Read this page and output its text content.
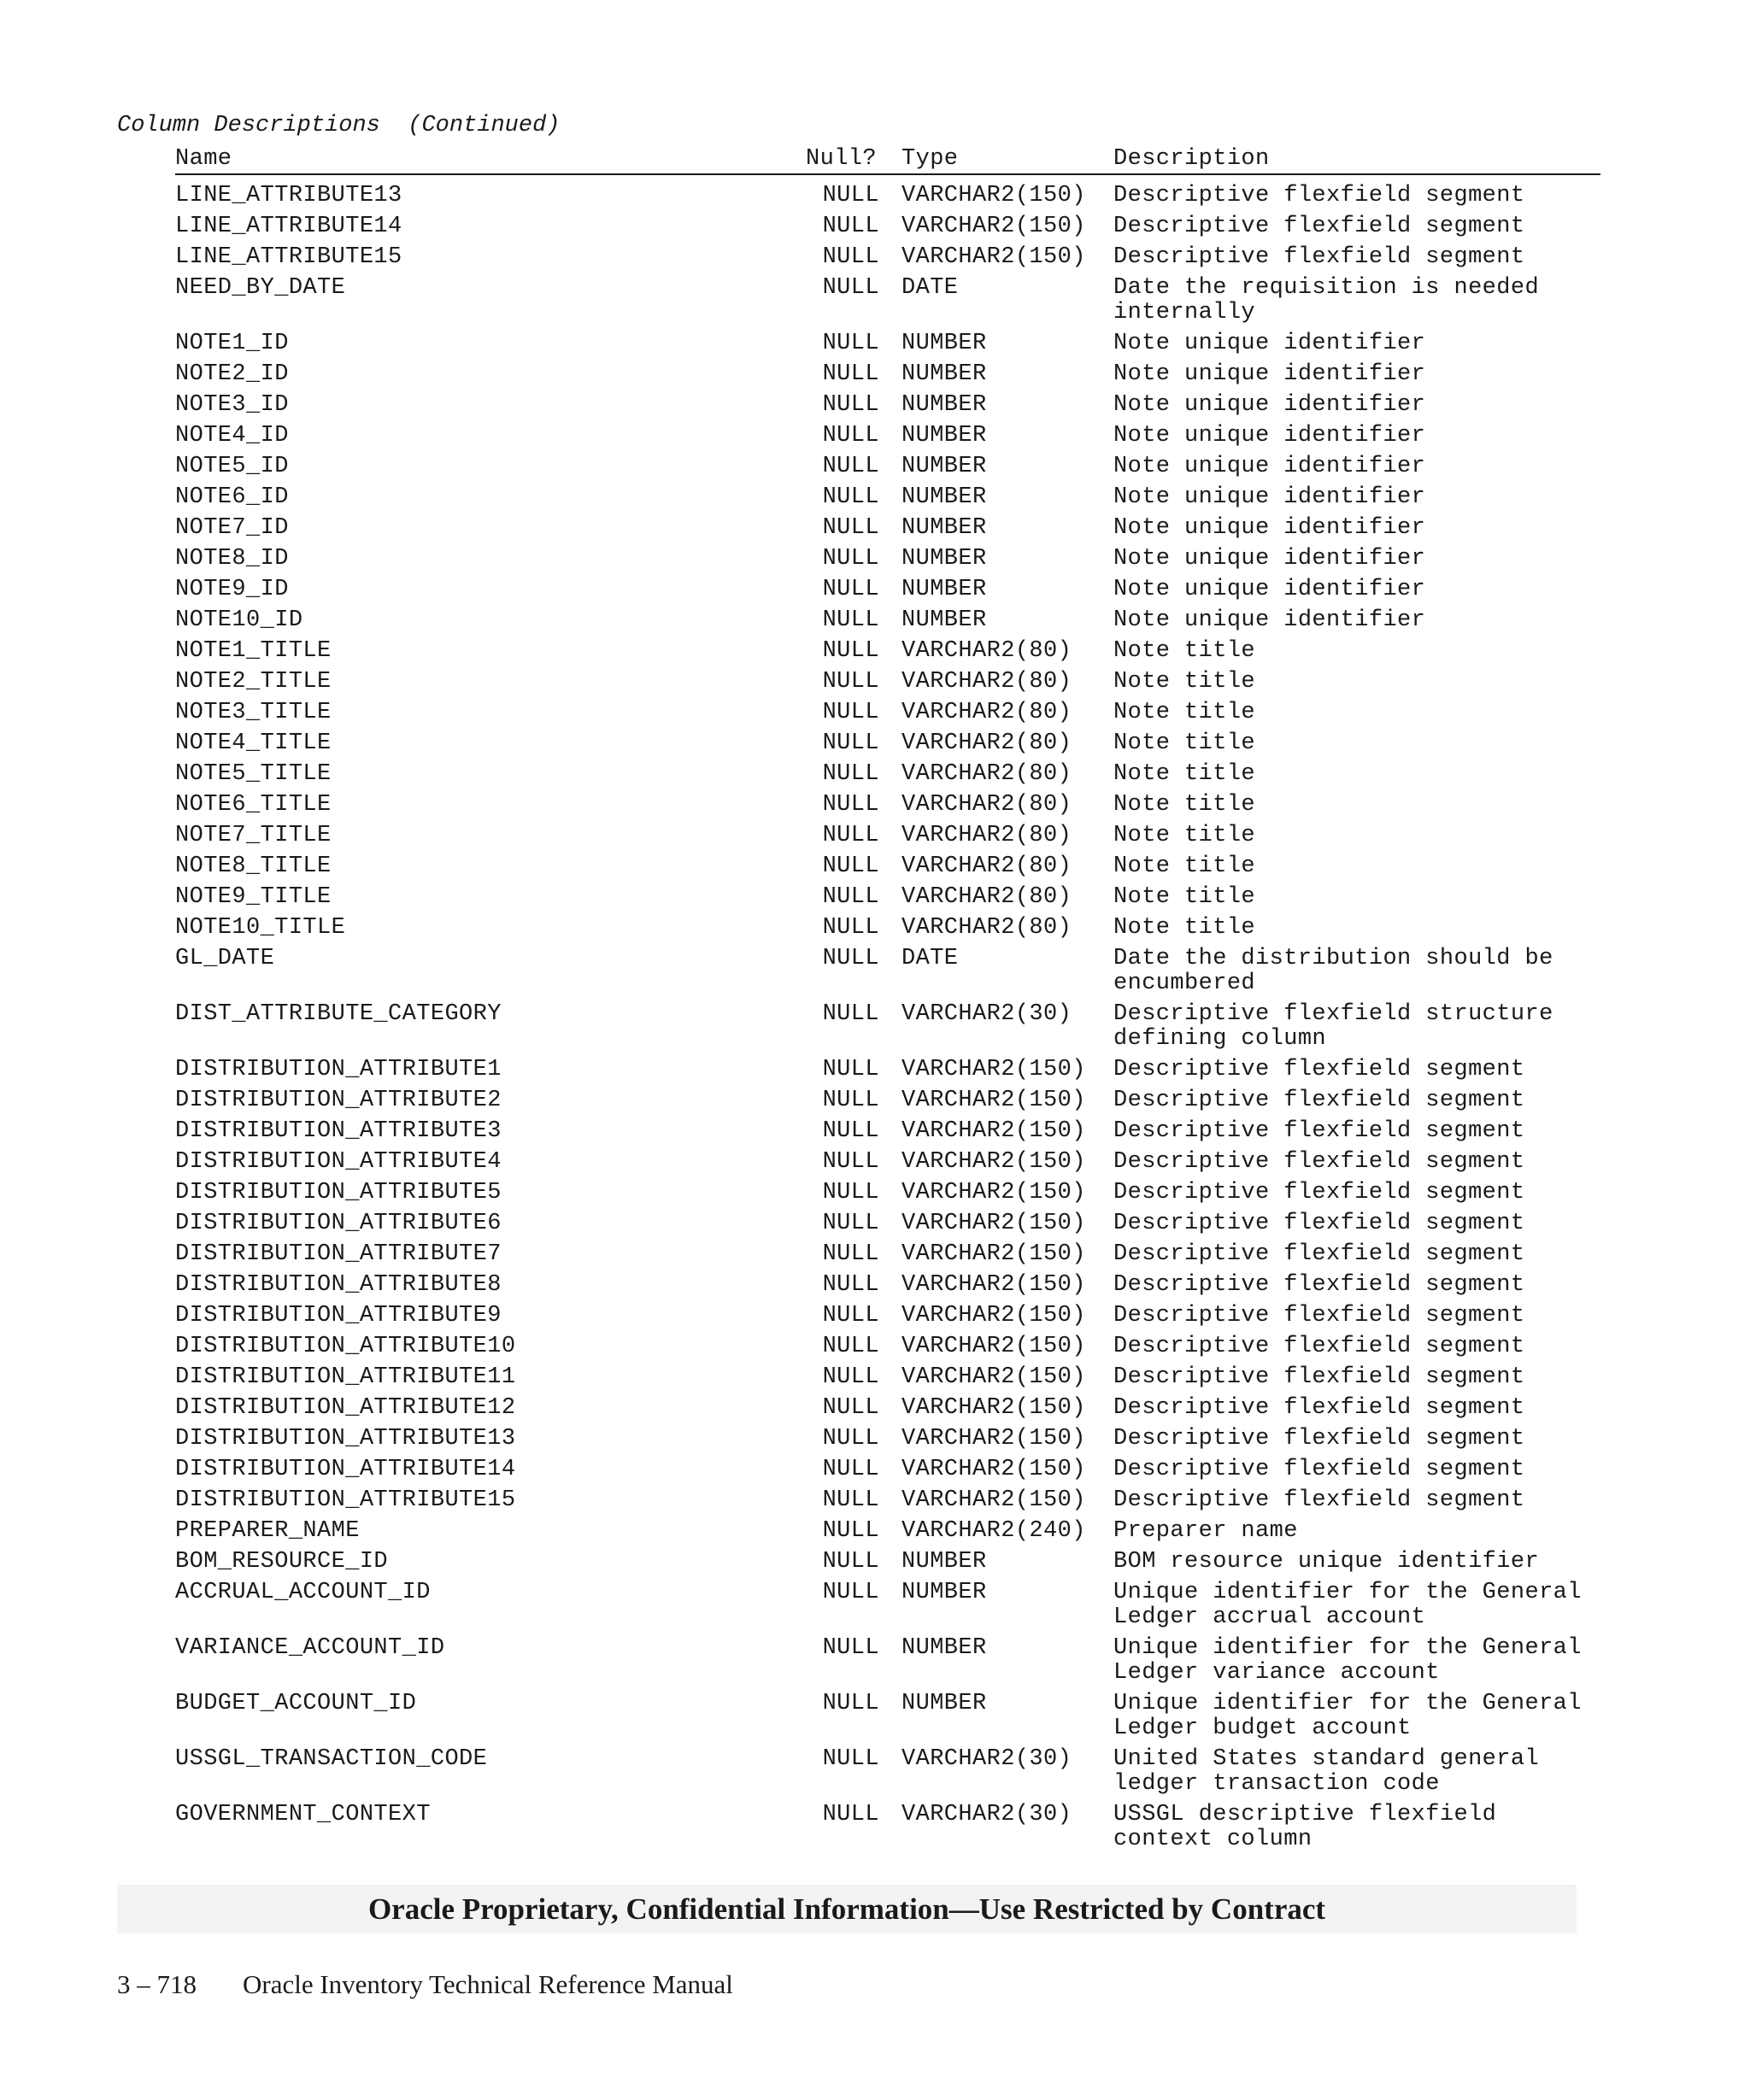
Column Descriptions  (Continued)
Name	Null?	Type	Description
LINE_ATTRIBUTE13	NULL VARCHAR2(150)	Descriptive flexfield segment
LINE_ATTRIBUTE14	NULL VARCHAR2(150)	Descriptive flexfield segment
LINE_ATTRIBUTE15	NULL VARCHAR2(150)	Descriptive flexfield segment
NEED_BY_DATE	NULL DATE	Date the requisition is needed internally
NOTE1_ID	NULL NUMBER	Note unique identifier
NOTE2_ID	NULL NUMBER	Note unique identifier
NOTE3_ID	NULL NUMBER	Note unique identifier
NOTE4_ID	NULL NUMBER	Note unique identifier
NOTE5_ID	NULL NUMBER	Note unique identifier
NOTE6_ID	NULL NUMBER	Note unique identifier
NOTE7_ID	NULL NUMBER	Note unique identifier
NOTE8_ID	NULL NUMBER	Note unique identifier
NOTE9_ID	NULL NUMBER	Note unique identifier
NOTE10_ID	NULL NUMBER	Note unique identifier
NOTE1_TITLE	NULL VARCHAR2(80)	Note title
NOTE2_TITLE	NULL VARCHAR2(80)	Note title
NOTE3_TITLE	NULL VARCHAR2(80)	Note title
NOTE4_TITLE	NULL VARCHAR2(80)	Note title
NOTE5_TITLE	NULL VARCHAR2(80)	Note title
NOTE6_TITLE	NULL VARCHAR2(80)	Note title
NOTE7_TITLE	NULL VARCHAR2(80)	Note title
NOTE8_TITLE	NULL VARCHAR2(80)	Note title
NOTE9_TITLE	NULL VARCHAR2(80)	Note title
NOTE10_TITLE	NULL VARCHAR2(80)	Note title
GL_DATE	NULL DATE	Date the distribution should be encumbered
DIST_ATTRIBUTE_CATEGORY	NULL VARCHAR2(30)	Descriptive flexfield structure defining column
DISTRIBUTION_ATTRIBUTE1	NULL VARCHAR2(150)	Descriptive flexfield segment
DISTRIBUTION_ATTRIBUTE2	NULL VARCHAR2(150)	Descriptive flexfield segment
DISTRIBUTION_ATTRIBUTE3	NULL VARCHAR2(150)	Descriptive flexfield segment
DISTRIBUTION_ATTRIBUTE4	NULL VARCHAR2(150)	Descriptive flexfield segment
DISTRIBUTION_ATTRIBUTE5	NULL VARCHAR2(150)	Descriptive flexfield segment
DISTRIBUTION_ATTRIBUTE6	NULL VARCHAR2(150)	Descriptive flexfield segment
DISTRIBUTION_ATTRIBUTE7	NULL VARCHAR2(150)	Descriptive flexfield segment
DISTRIBUTION_ATTRIBUTE8	NULL VARCHAR2(150)	Descriptive flexfield segment
DISTRIBUTION_ATTRIBUTE9	NULL VARCHAR2(150)	Descriptive flexfield segment
DISTRIBUTION_ATTRIBUTE10	NULL VARCHAR2(150)	Descriptive flexfield segment
DISTRIBUTION_ATTRIBUTE11	NULL VARCHAR2(150)	Descriptive flexfield segment
DISTRIBUTION_ATTRIBUTE12	NULL VARCHAR2(150)	Descriptive flexfield segment
DISTRIBUTION_ATTRIBUTE13	NULL VARCHAR2(150)	Descriptive flexfield segment
DISTRIBUTION_ATTRIBUTE14	NULL VARCHAR2(150)	Descriptive flexfield segment
DISTRIBUTION_ATTRIBUTE15	NULL VARCHAR2(150)	Descriptive flexfield segment
PREPARER_NAME	NULL VARCHAR2(240)	Preparer name
BOM_RESOURCE_ID	NULL NUMBER	BOM resource unique identifier
ACCRUAL_ACCOUNT_ID	NULL NUMBER	Unique identifier for the General Ledger accrual account
VARIANCE_ACCOUNT_ID	NULL NUMBER	Unique identifier for the General Ledger variance account
BUDGET_ACCOUNT_ID	NULL NUMBER	Unique identifier for the General Ledger budget account
USSGL_TRANSACTION_CODE	NULL VARCHAR2(30)	United States standard general ledger transaction code
GOVERNMENT_CONTEXT	NULL VARCHAR2(30)	USSGL descriptive flexfield context column
Oracle Proprietary, Confidential Information––Use Restricted by Contract
3 – 718 Oracle Inventory Technical Reference Manual
